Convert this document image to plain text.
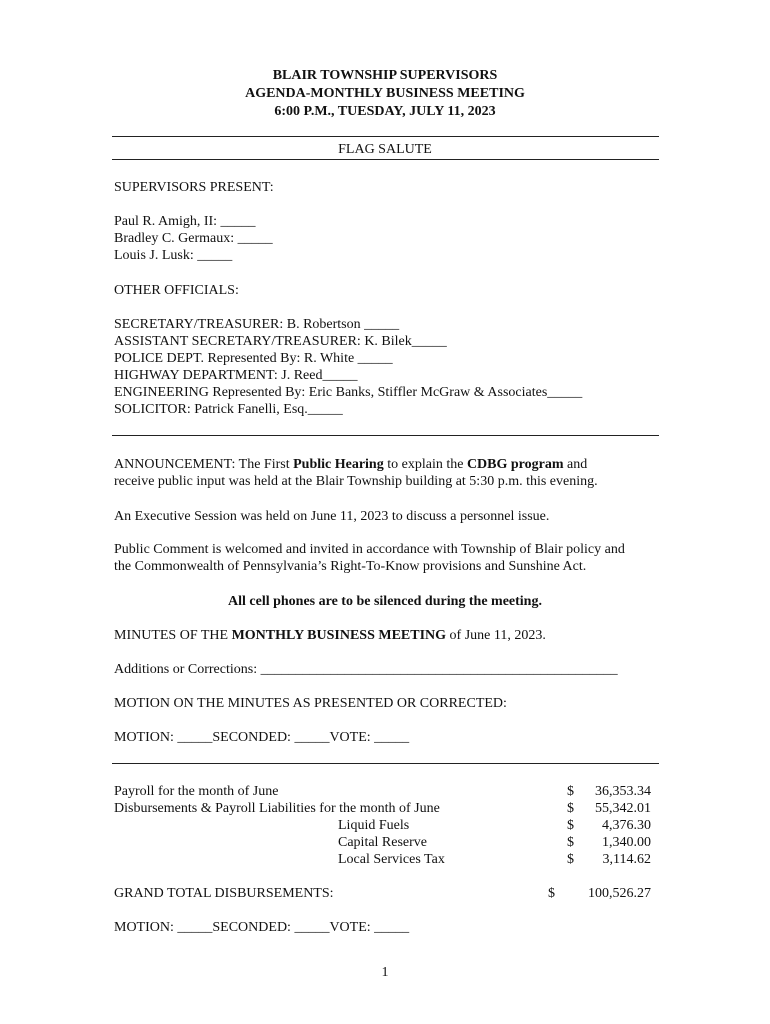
BLAIR TOWNSHIP SUPERVISORS
AGENDA-MONTHLY BUSINESS MEETING
6:00 P.M., TUESDAY, JULY 11, 2023
FLAG SALUTE
SUPERVISORS PRESENT:
Paul R. Amigh, II: _____
Bradley C. Germaux: _____
Louis J. Lusk: _____
OTHER OFFICIALS:
SECRETARY/TREASURER: B. Robertson _____
ASSISTANT SECRETARY/TREASURER: K. Bilek_____
POLICE DEPT. Represented By: R. White _____
HIGHWAY DEPARTMENT: J. Reed_____
ENGINEERING Represented By: Eric Banks, Stiffler McGraw & Associates_____
SOLICITOR: Patrick Fanelli, Esq._____
ANNOUNCEMENT: The First Public Hearing to explain the CDBG program and
receive public input was held at the Blair Township building at 5:30 p.m. this evening.
An Executive Session was held on June 11, 2023 to discuss a personnel issue.
Public Comment is welcomed and invited in accordance with Township of Blair policy and
the Commonwealth of Pennsylvania’s Right-To-Know provisions and Sunshine Act.
All cell phones are to be silenced during the meeting.
MINUTES OF THE MONTHLY BUSINESS MEETING of June 11, 2023.
Additions or Corrections: ___________________________________________________
MOTION ON THE MINUTES AS PRESENTED OR CORRECTED:
MOTION: _____SECONDED: _____VOTE: _____
Payroll for the month of June	$ 36,353.34
Disbursements & Payroll Liabilities for the month of June	$ 55,342.01
Liquid Fuels	$ 4,376.30
Capital Reserve	$ 1,340.00
Local Services Tax	$ 3,114.62
GRAND TOTAL DISBURSEMENTS:	$ 100,526.27
MOTION: _____SECONDED: _____VOTE: _____
1
